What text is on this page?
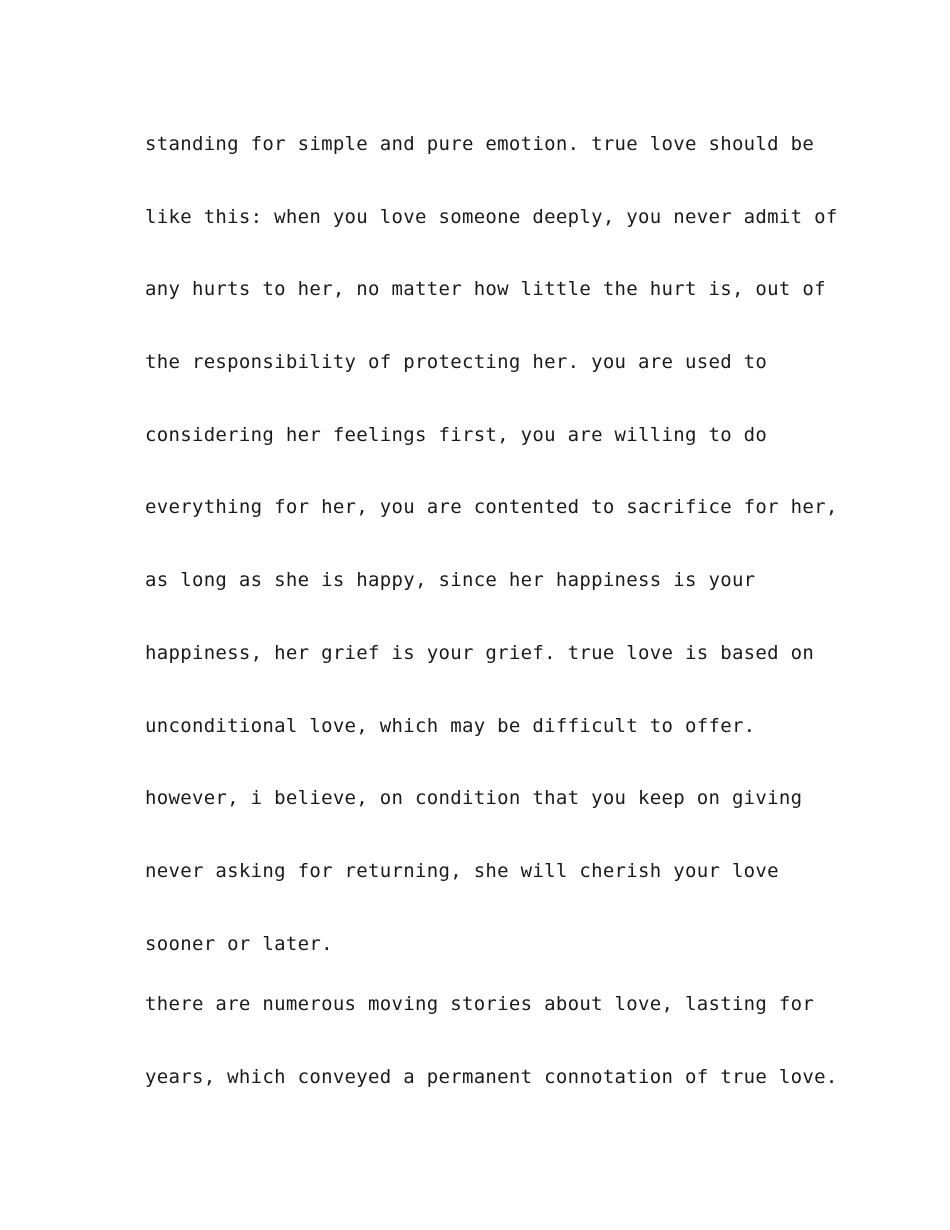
standing for simple and pure emotion. true love should be
like this: when you love someone deeply, you never admit of
any hurts to her, no matter how little the hurt is, out of
the responsibility of protecting her. you are used to
considering her feelings first, you are willing to do
everything for her, you are contented to sacrifice for her,
as long as she is happy, since her happiness is your
happiness, her grief is your grief. true love is based on
unconditional love, which may be difficult to offer.
however, i believe, on condition that you keep on giving
never asking for returning, she will cherish your love
sooner or later.
there are numerous moving stories about love, lasting for
years, which conveyed a permanent connotation of true love.
